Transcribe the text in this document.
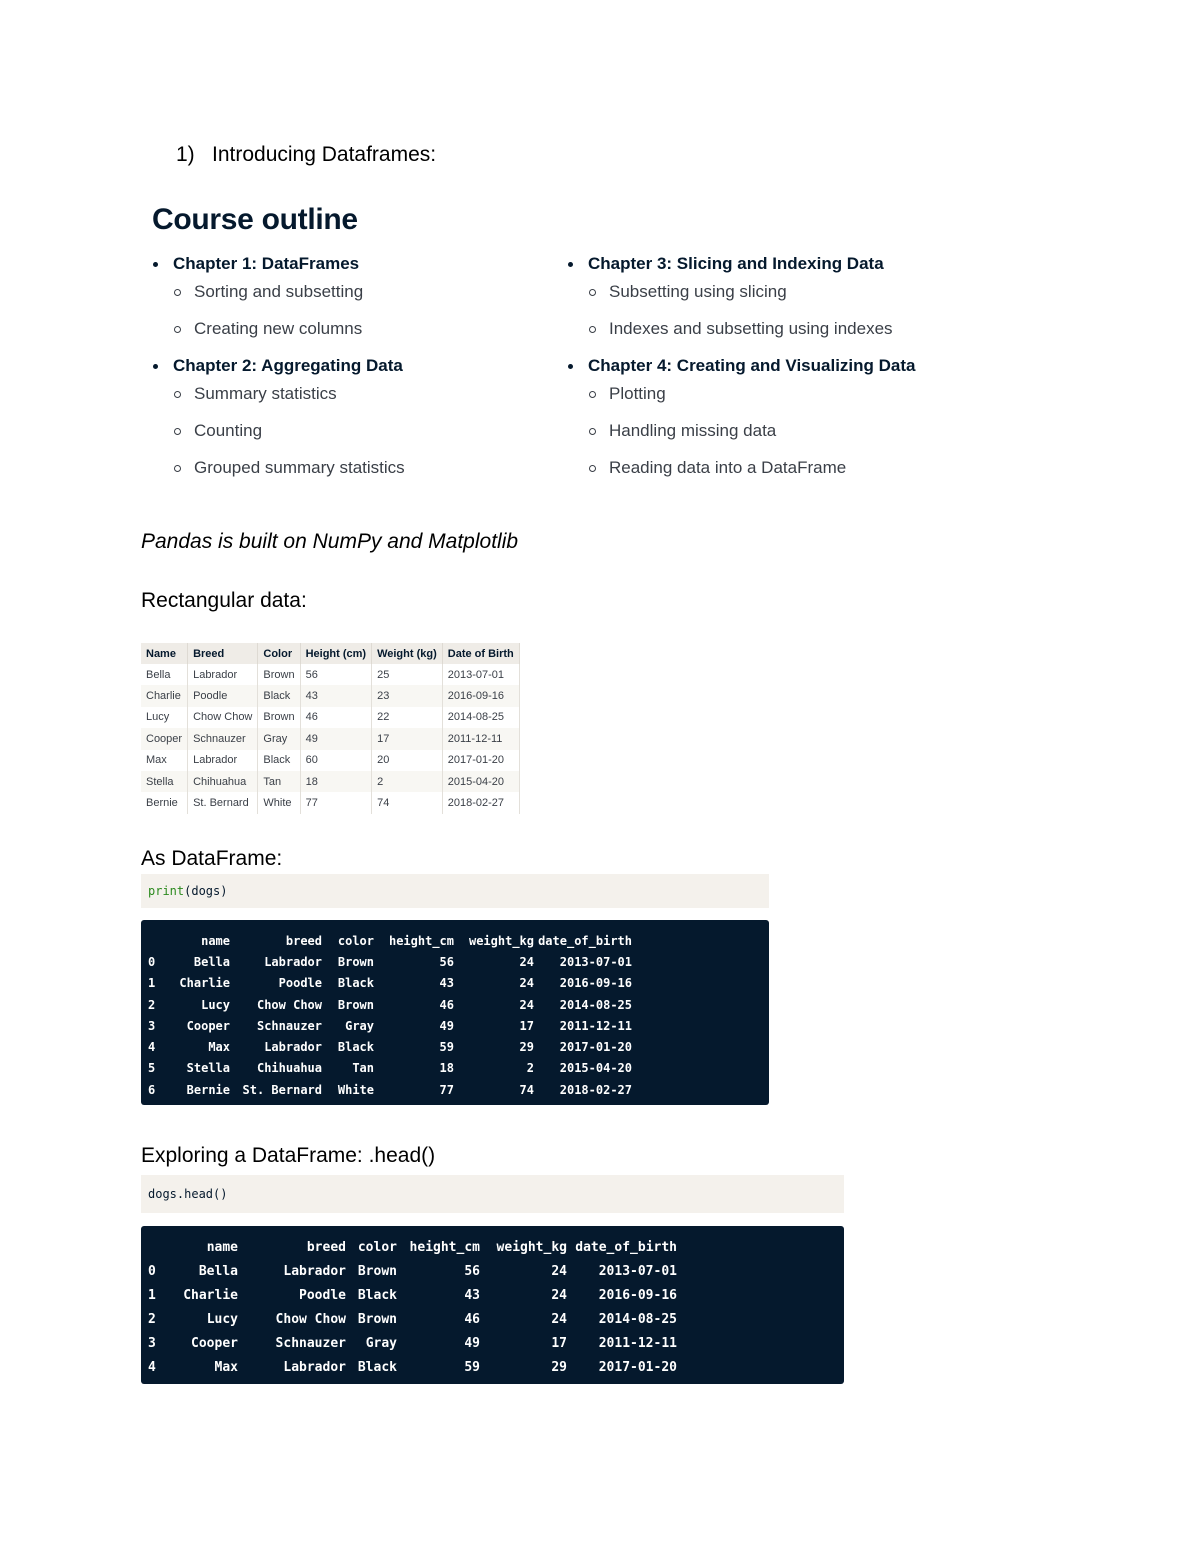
1) Introducing Dataframes:
Course outline
Chapter 1: DataFrames
Sorting and subsetting
Creating new columns
Chapter 2: Aggregating Data
Summary statistics
Counting
Grouped summary statistics
Chapter 3: Slicing and Indexing Data
Subsetting using slicing
Indexes and subsetting using indexes
Chapter 4: Creating and Visualizing Data
Plotting
Handling missing data
Reading data into a DataFrame
Pandas is built on NumPy and Matplotlib
Rectangular data:
Name	Breed	Color	Height (cm)	Weight (kg)	Date of Birth
Bella	Labrador	Brown	56	25	2013-07-01
Charlie	Poodle	Black	43	23	2016-09-16
Lucy	Chow Chow	Brown	46	22	2014-08-25
Cooper	Schnauzer	Gray	49	17	2011-12-11
Max	Labrador	Black	60	20	2017-01-20
Stella	Chihuahua	Tan	18	2	2015-04-20
Bernie	St. Bernard	White	77	74	2018-02-27
As DataFrame:
print(dogs)
	name	breed	color	height_cm	weight_kg	date_of_birth
0	Bella	Labrador	Brown	56	24	2013-07-01
1	Charlie	Poodle	Black	43	24	2016-09-16
2	Lucy	Chow Chow	Brown	46	24	2014-08-25
3	Cooper	Schnauzer	Gray	49	17	2011-12-11
4	Max	Labrador	Black	59	29	2017-01-20
5	Stella	Chihuahua	Tan	18	2	2015-04-20
6	Bernie	St. Bernard	White	77	74	2018-02-27
Exploring a DataFrame: .head()
dogs.head()
	name	breed	color	height_cm	weight_kg	date_of_birth
0	Bella	Labrador	Brown	56	24	2013-07-01
1	Charlie	Poodle	Black	43	24	2016-09-16
2	Lucy	Chow Chow	Brown	46	24	2014-08-25
3	Cooper	Schnauzer	Gray	49	17	2011-12-11
4	Max	Labrador	Black	59	29	2017-01-20
